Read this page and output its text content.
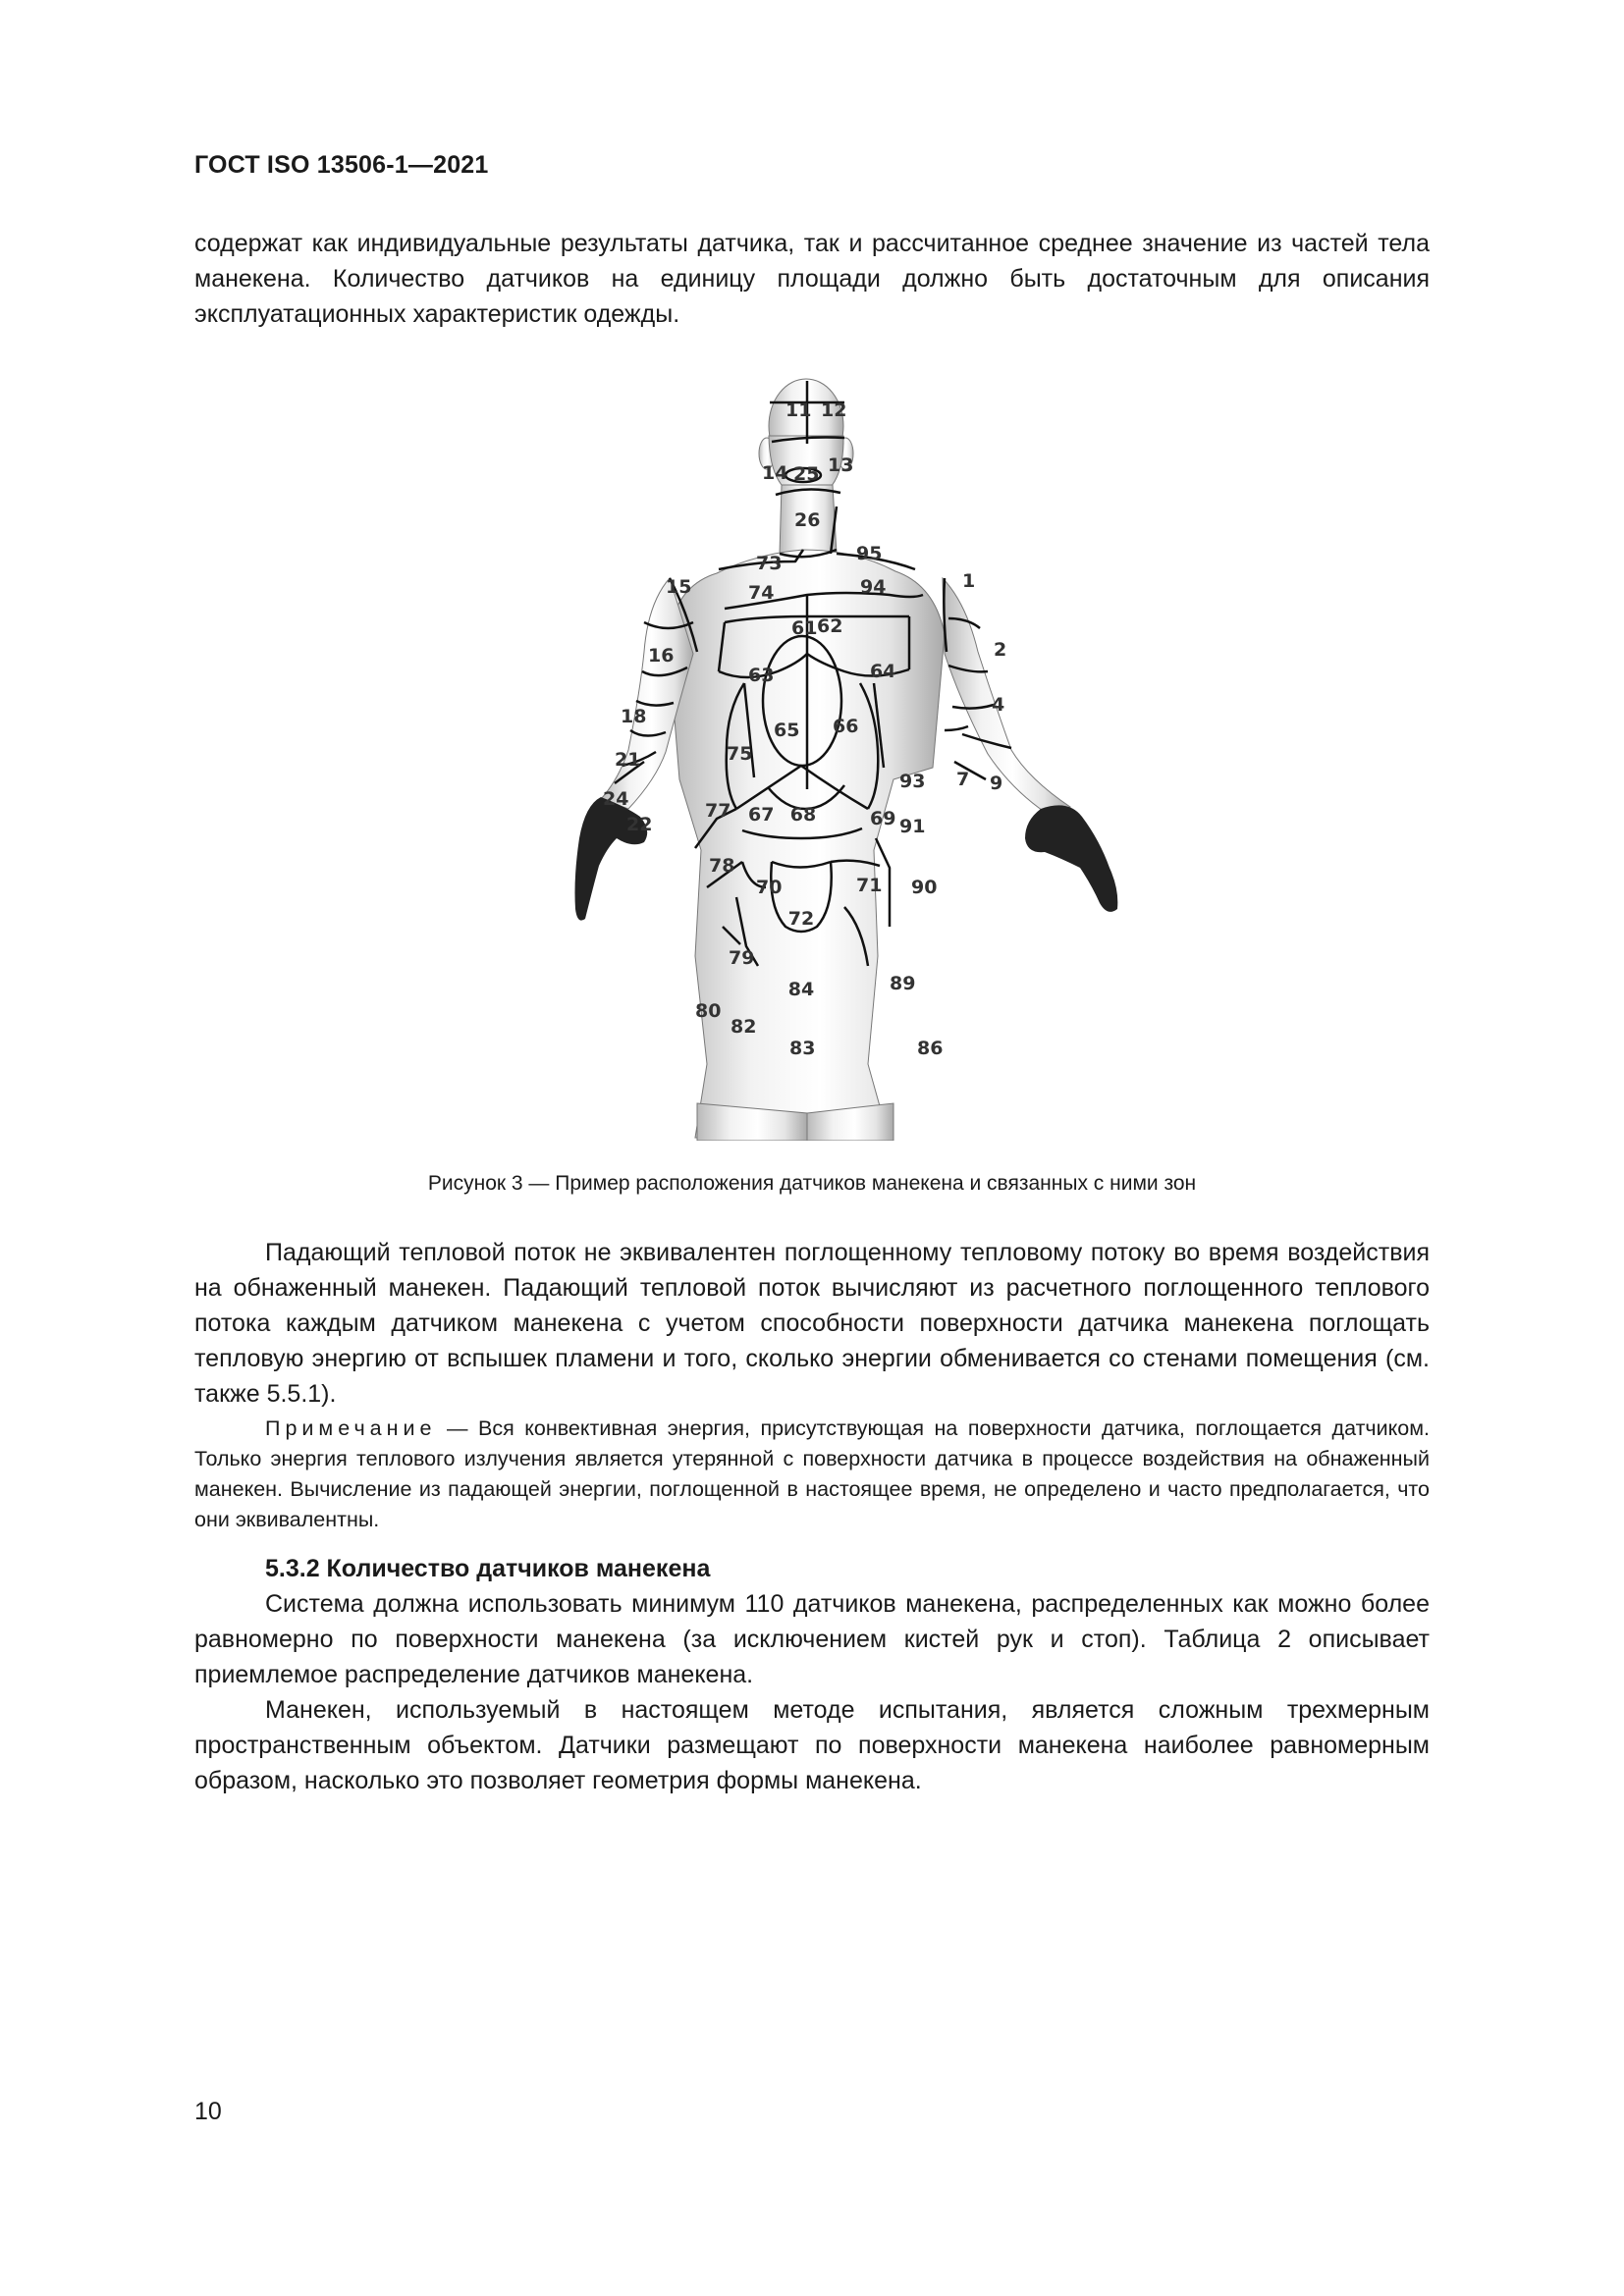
ГОСТ ISO 13506-1—2021
содержат как индивидуальные результаты датчика, так и рассчитанное среднее значение из частей тела манекена. Количество датчиков на единицу площади должно быть достаточным для описания эксплуатационных характеристик одежды.
11 12
14 25 13
26
95
73
74	94
15	1
61 62
16	2
63	64
4
18
65 66
75
21
93 7 9
24
77 67 68	69
22	91
78
70	71 90
72
79
84	89
80
82
83	86
Рисунок 3 — Пример расположения датчиков манекена и связанных с ними зон
Падающий тепловой поток не эквивалентен поглощенному тепловому потоку во время воздействия на обнаженный манекен. Падающий тепловой поток вычисляют из расчетного поглощенного теплового потока каждым датчиком манекена с учетом способности поверхности датчика манекена поглощать тепловую энергию от вспышек пламени и того, сколько энергии обменивается со стенами помещения (см. также 5.5.1).
Примечание — Вся конвективная энергия, присутствующая на поверхности датчика, поглощается датчиком. Только энергия теплового излучения является утерянной с поверхности датчика в процессе воздействия на обнаженный манекен. Вычисление из падающей энергии, поглощенной в настоящее время, не определено и часто предполагается, что они эквивалентны.
5.3.2 Количество датчиков манекена
Система должна использовать минимум 110 датчиков манекена, распределенных как можно более равномерно по поверхности манекена (за исключением кистей рук и стоп). Таблица 2 описывает приемлемое распределение датчиков манекена.
Манекен, используемый в настоящем методе испытания, является сложным трехмерным пространственным объектом. Датчики размещают по поверхности манекена наиболее равномерным образом, насколько это позволяет геометрия формы манекена.
10
